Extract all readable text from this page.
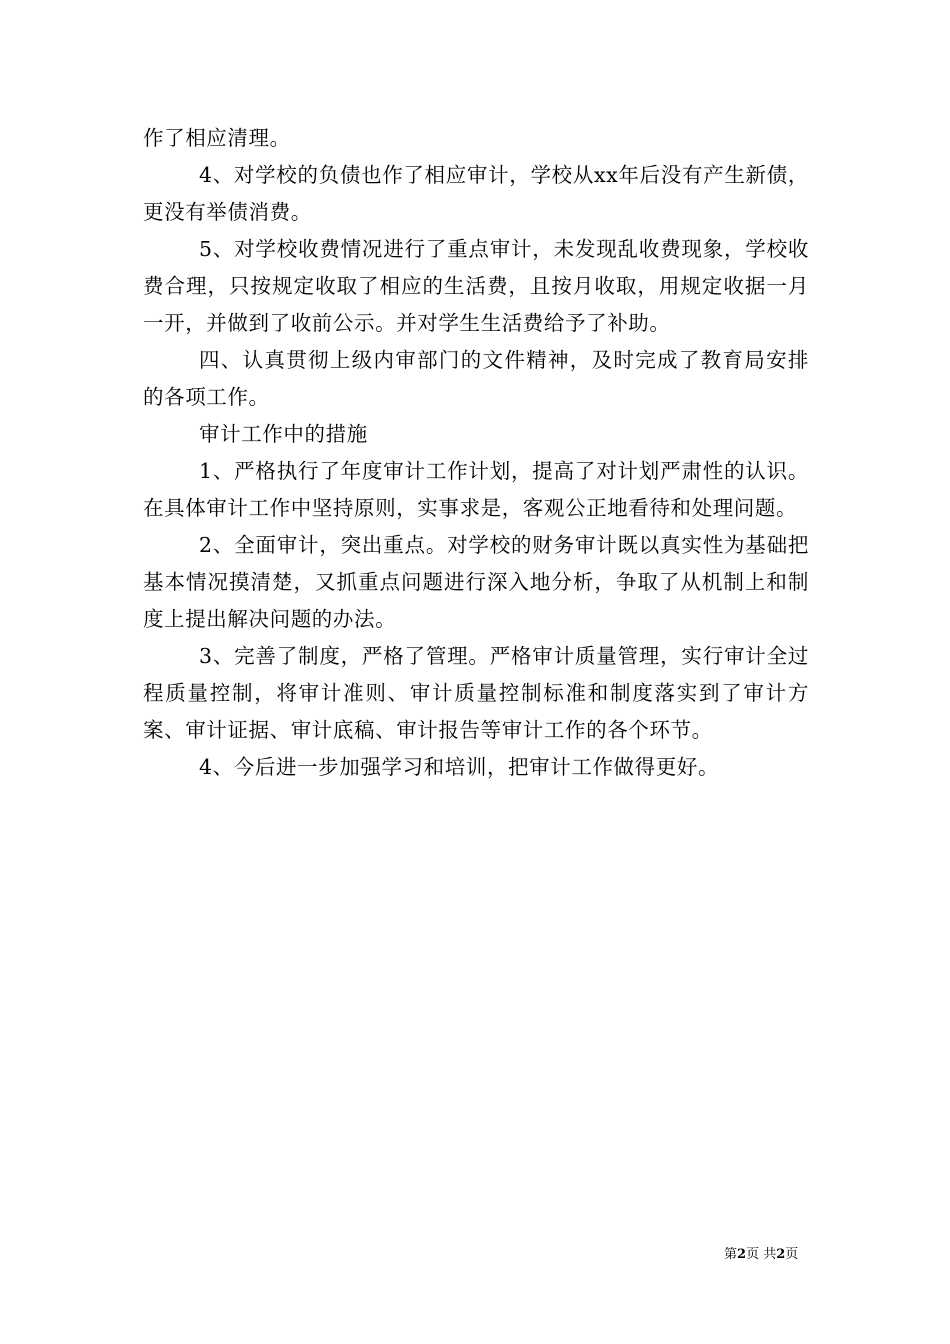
作了相应清理。

4、对学校的负债也作了相应审计，学校从xx年后没有产生新债，更没有举债消费。

5、对学校收费情况进行了重点审计，未发现乱收费现象，学校收费合理，只按规定收取了相应的生活费，且按月收取，用规定收据一月一开，并做到了收前公示。并对学生生活费给予了补助。

四、认真贯彻上级内审部门的文件精神，及时完成了教育局安排的各项工作。

审计工作中的措施

1、严格执行了年度审计工作计划，提高了对计划严肃性的认识。在具体审计工作中坚持原则，实事求是，客观公正地看待和处理问题。

2、全面审计，突出重点。对学校的财务审计既以真实性为基础把基本情况摸清楚，又抓重点问题进行深入地分析，争取了从机制上和制度上提出解决问题的办法。

3、完善了制度，严格了管理。严格审计质量管理，实行审计全过程质量控制，将审计准则、审计质量控制标准和制度落实到了审计方案、审计证据、审计底稿、审计报告等审计工作的各个环节。

4、今后进一步加强学习和培训，把审计工作做得更好。

第2页 共2页
